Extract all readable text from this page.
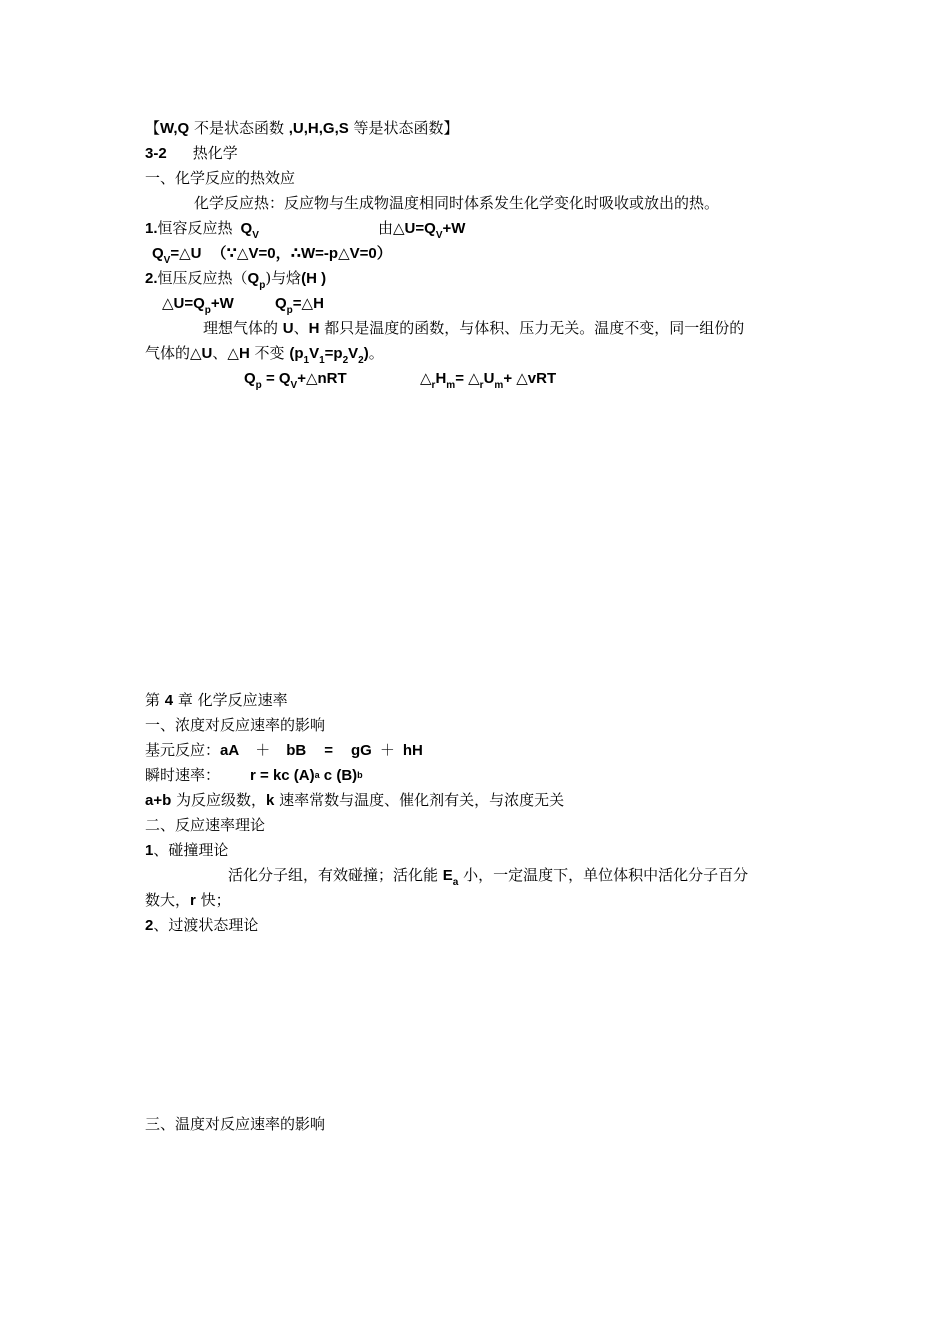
【W,Q 不是状态函数 ,U,H,G,S 等是状态函数】
3-2 热化学
一、化学反应的热效应
化学反应热：反应物与生成物温度相同时体系发生化学变化时吸收或放出的热。
1.恒容反应热 $Q_V$	由$\triangle U=Q_V+W$
$Q_V=\triangle U$ （∵△V=0，∴W=-p△V=0）
2.恒压反应热$(Q_p)$与焓(H )
$\triangle U=Q_p+W$	$Q_p=\triangle H$
理想气体的 U、H 都只是温度的函数，与体积、压力无关。温度不变，同一组份的
气体的△U、△H 不变 $(p_1V_1=p_2V_2)$。
$Q_p$ = $Q_V+\triangle nRT$	$\triangle_rH_m=$ $\triangle_rU_m+$ △vRT
第 4 章 化学反应速率
一、浓度对反应速率的影响
基元反应：aA ＋ bB = gG ＋ hH
瞬时速率： r = kc $(A)^a$ c $(B)^b$
a+b 为反应级数，k 速率常数与温度、催化剂有关，与浓度无关
二、反应速率理论
1、碰撞理论
活化分子组，有效碰撞；活化能 $E_a$ 小，一定温度下，单位体积中活化分子百分
数大，r 快；
2、过渡状态理论
三、温度对反应速率的影响
